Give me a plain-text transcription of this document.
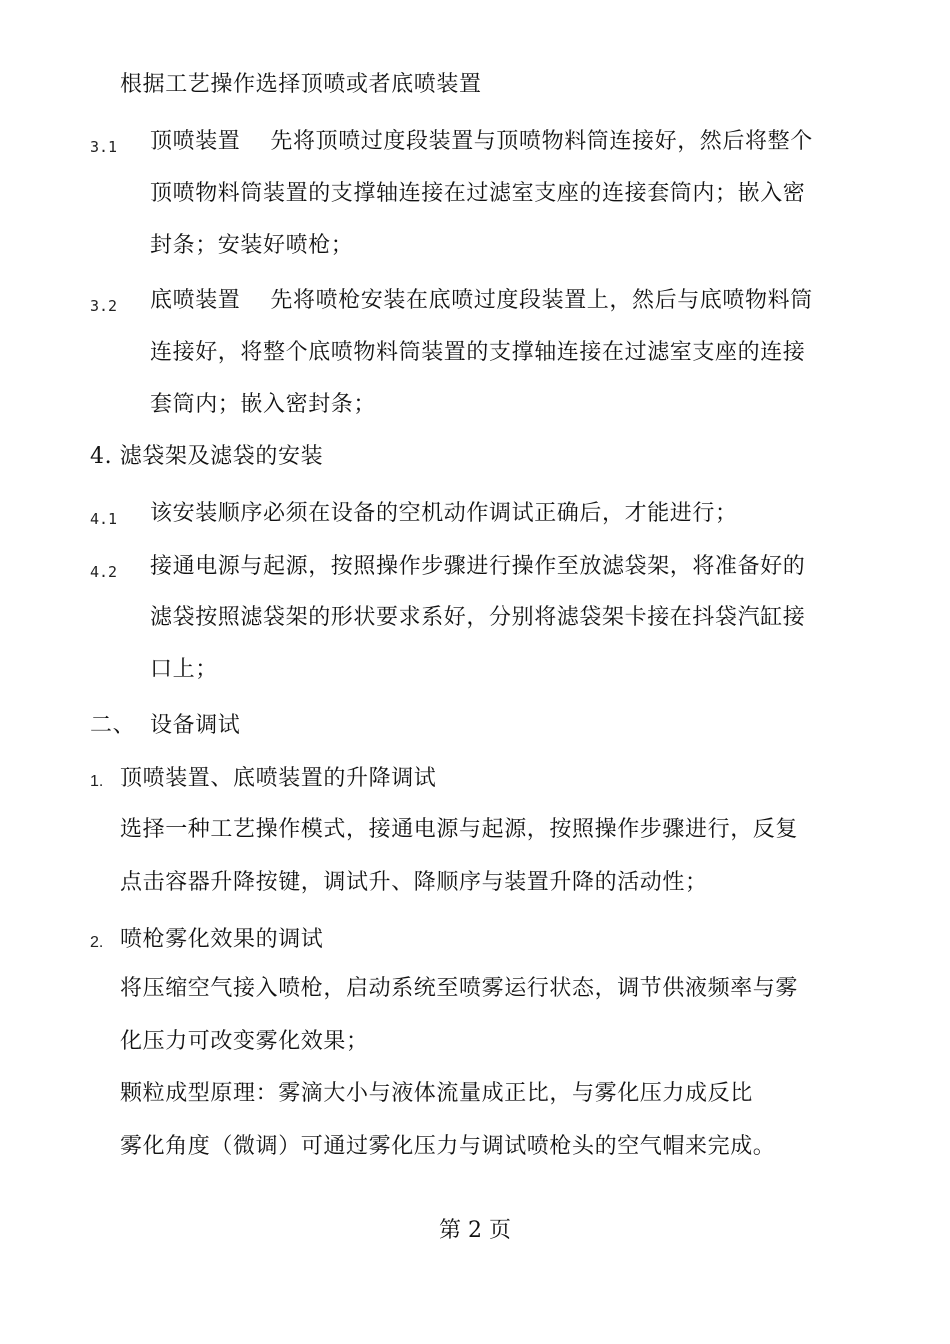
根据工艺操作选择顶喷或者底喷装置
3.1 顶喷装置 先将顶喷过度段装置与顶喷物料筒连接好，然后将整个
顶喷物料筒装置的支撑轴连接在过滤室支座的连接套筒内；嵌入密
封条；安装好喷枪；
3.2 底喷装置 先将喷枪安装在底喷过度段装置上，然后与底喷物料筒
连接好，将整个底喷物料筒装置的支撑轴连接在过滤室支座的连接
套筒内；嵌入密封条；
4. 滤袋架及滤袋的安装
4.1 该安装顺序必须在设备的空机动作调试正确后，才能进行；
4.2 接通电源与起源，按照操作步骤进行操作至放滤袋架，将准备好的
滤袋按照滤袋架的形状要求系好，分别将滤袋架卡接在抖袋汽缸接
口上；
二、 设备调试
1. 顶喷装置、底喷装置的升降调试
选择一种工艺操作模式，接通电源与起源，按照操作步骤进行，反复
点击容器升降按键，调试升、降顺序与装置升降的活动性；
2. 喷枪雾化效果的调试
将压缩空气接入喷枪，启动系统至喷雾运行状态，调节供液频率与雾
化压力可改变雾化效果；
颗粒成型原理：雾滴大小与液体流量成正比，与雾化压力成反比
雾化角度（微调）可通过雾化压力与调试喷枪头的空气帽来完成。
第 2 页
